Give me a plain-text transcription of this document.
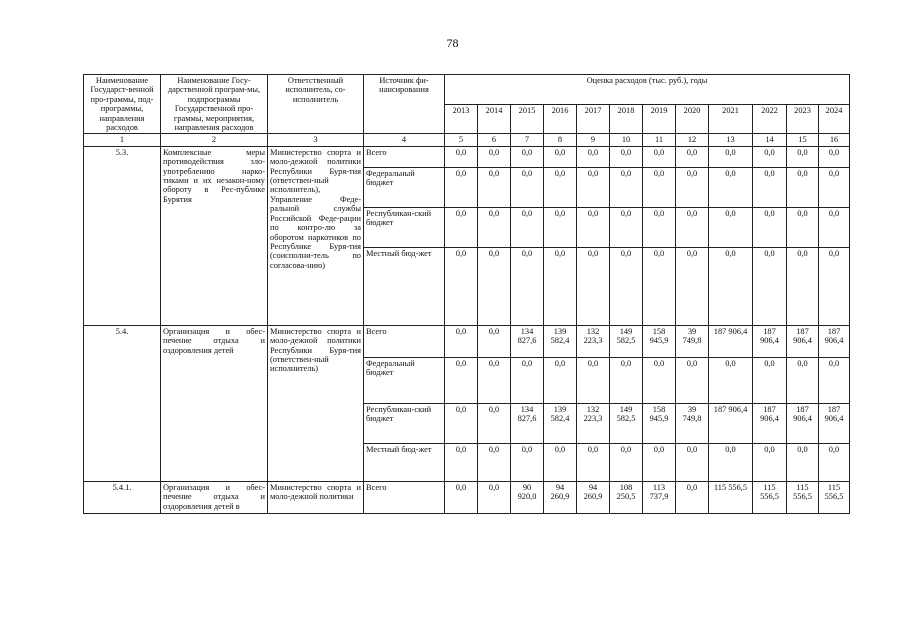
78
Наименование Государст-венной про-граммы, под-программы, направления расходов	Наименование Госу-дарственной програм-мы, подпрограммы Государственной про-граммы, мероприятия, направления расходов	Ответственный исполнитель, со-исполнитель	Источник фи-нансирования	Оценка расходов (тыс. руб.), годы											
				2013	2014	2015	2016	2017	2018	2019	2020	2021	2022	2023	2024
1	2	3	4	5	6	7	8	9	10	11	12	13	14	15	16
5.3.	Комплексные меры противодействия зло-употреблению нарко-тиками и их незакон-ному обороту в Рес-публике Бурятия	Министерство спорта и моло-дежной политики Республики Буря-тия (ответствен-ный исполнитель), Управление Феде-ральной службы Российской Феде-рации по контро-лю за оборотом наркотиков по Республике Буря-тия (соисполни-тель по согласова-нию)	Всего	0,0	0,0	0,0	0,0	0,0	0,0	0,0	0,0	0,0	0,0	0,0	0,0
			Федеральный бюджет	0,0	0,0	0,0	0,0	0,0	0,0	0,0	0,0	0,0	0,0	0,0	0,0
			Республикан-ский бюджет	0,0	0,0	0,0	0,0	0,0	0,0	0,0	0,0	0,0	0,0	0,0	0,0
			Местный бюд-жет	0,0	0,0	0,0	0,0	0,0	0,0	0,0	0,0	0,0	0,0	0,0	0,0
5.4.	Организация и обес-печение отдыха и оздоровления детей	Министерство спорта и моло-дежной политики Республики Буря-тия (ответствен-ный исполнитель)	Всего	0,0	0,0	134 827,6	139 582,4	132 223,3	149 582,5	158 945,9	39 749,8	187 906,4	187 906,4	187 906,4	187 906,4
			Федеральный бюджет	0,0	0,0	0,0	0,0	0,0	0,0	0,0	0,0	0,0	0,0	0,0	0,0
			Республикан-ский бюджет	0,0	0,0	134 827,6	139 582,4	132 223,3	149 582,5	158 945,9	39 749,8	187 906,4	187 906,4	187 906,4	187 906,4
			Местный бюд-жет	0,0	0,0	0,0	0,0	0,0	0,0	0,0	0,0	0,0	0,0	0,0	0,0
5.4.1.	Организация и обес-печение отдыха и оздоровления детей в	Министерство спорта и моло-дежной политики	Всего	0,0	0,0	90 920,0	94 260,9	94 260,9	108 250,5	113 737,9	0,0	115 556,5	115 556,5	115 556,5	115 556,5
